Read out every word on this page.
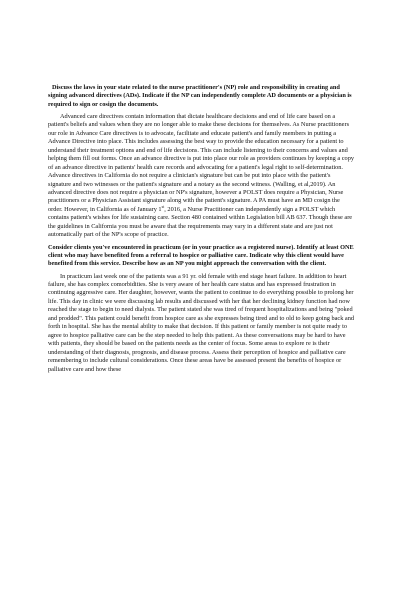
Discuss the laws in your state related to the nurse practitioner's (NP) role and responsibility in creating and signing advanced directives (ADs). Indicate if the NP can independently complete AD documents or a physician is required to sign or cosign the documents.

Advanced care directives contain information that dictate healthcare decisions and end of life care based on a patient's beliefs and values when they are no longer able to make these decisions for themselves. As Nurse practitioners our role in Advance Care directives is to advocate, facilitate and educate patient's and family members in putting a Advance Directive into place. This includes assessing the best way to provide the education necessary for a patient to understand their treatment options and end of life decisions. This can include listening to their concerns and values and helping them fill out forms. Once an advance directive is put into place our role as providers continues by keeping a copy of an advance directive in patients' health care records and advocating for a patient's legal right to self-determination. Advance directives in California do not require a clinician's signature but can be put into place with the patient's signature and two witnesses or the patient's signature and a notary as the second witness. (Walling, et al,2019). An advanced directive does not require a physician or NP's signature, however a POLST does require a Physician, Nurse practitioners or a Physician Assistant signature along with the patient's signature. A PA must have an MD cosign the order. However, in California as of January 1st, 2016, a Nurse Practitioner can independently sign a POLST which contains patient's wishes for life sustaining care. Section 480 contained within Legislation bill AB 637. Though these are the guidelines in California you must be aware that the requirements may vary in a different state and are just not automatically part of the NP's scope of practice.

Consider clients you've encountered in practicum (or in your practice as a registered nurse). Identify at least ONE client who may have benefited from a referral to hospice or palliative care. Indicate why this client would have benefited from this service. Describe how as an NP you might approach the conversation with the client.

In practicum last week one of the patients was a 91 yr. old female with end stage heart failure. In addition to heart failure, she has complex comorbidities. She is very aware of her health care status and has expressed frustration in continuing aggressive care. Her daughter, however, wants the patient to continue to do everything possible to prolong her life. This day in clinic we were discussing lab results and discussed with her that her declining kidney function had now reached the stage to begin to need dialysis. The patient stated she was tired of frequent hospitalizations and being "poked and prodded". This patient could benefit from hospice care as she expresses being tired and to old to keep going back and forth in hospital. She has the mental ability to make that decision. If this patient or family member is not quite ready to agree to hospice palliative care can be the step needed to help this patient. As these conversations may be hard to have with patients, they should be based on the patients needs as the center of focus. Some areas to explore re is their understanding of their diagnosis, prognosis, and disease process. Assess their perception of hospice and palliative care remembering to include cultural considerations. Once these areas have be assessed present the benefits of hospice or palliative care and how these
